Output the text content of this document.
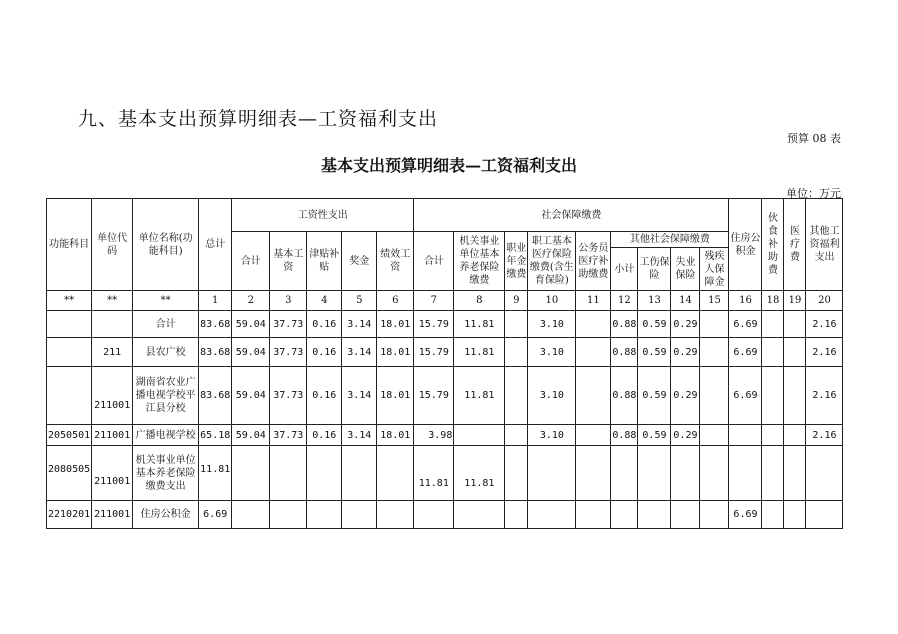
九、基本支出预算明细表—工资福利支出
预算 08 表
基本支出预算明细表—工资福利支出
单位：万元
功能科目	单位代码	单位名称(功能科目)	总计	工资性支出					社会保障缴费									住房公积金	伙食补助费	医疗费	其他工资福利支出
				合计	基本工资	津贴补贴	奖金	绩效工资	合计	机关事业单位基本养老保险缴费	职业年金缴费	职工基本医疗保险缴费(含生育保险)	公务员医疗补助缴费	其他社会保障缴费							
														小计	工伤保险	失业保险	残疾人保障金				
**	**	**	1	2	3	4	5	6	7	8	9	10	11	12	13	14	15	16	18	19	20
		合计	83.68	59.04	37.73	0.16	3.14	18.01	15.79	11.81		3.10		0.88	0.59	0.29		6.69			2.16
	211	县农广校	83.68	59.04	37.73	0.16	3.14	18.01	15.79	11.81		3.10		0.88	0.59	0.29		6.69			2.16
	211001	湖南省农业广播电视学校平江县分校	83.68	59.04	37.73	0.16	3.14	18.01	15.79	11.81		3.10		0.88	0.59	0.29		6.69			2.16
2050501	211001	广播电视学校	65.18	59.04	37.73	0.16	3.14	18.01	3.98			3.10		0.88	0.59	0.29					2.16
2080505	211001	机关事业单位基本养老保险缴费支出	11.81						11.81	11.81											
2210201	211001	住房公积金	6.69															6.69			
